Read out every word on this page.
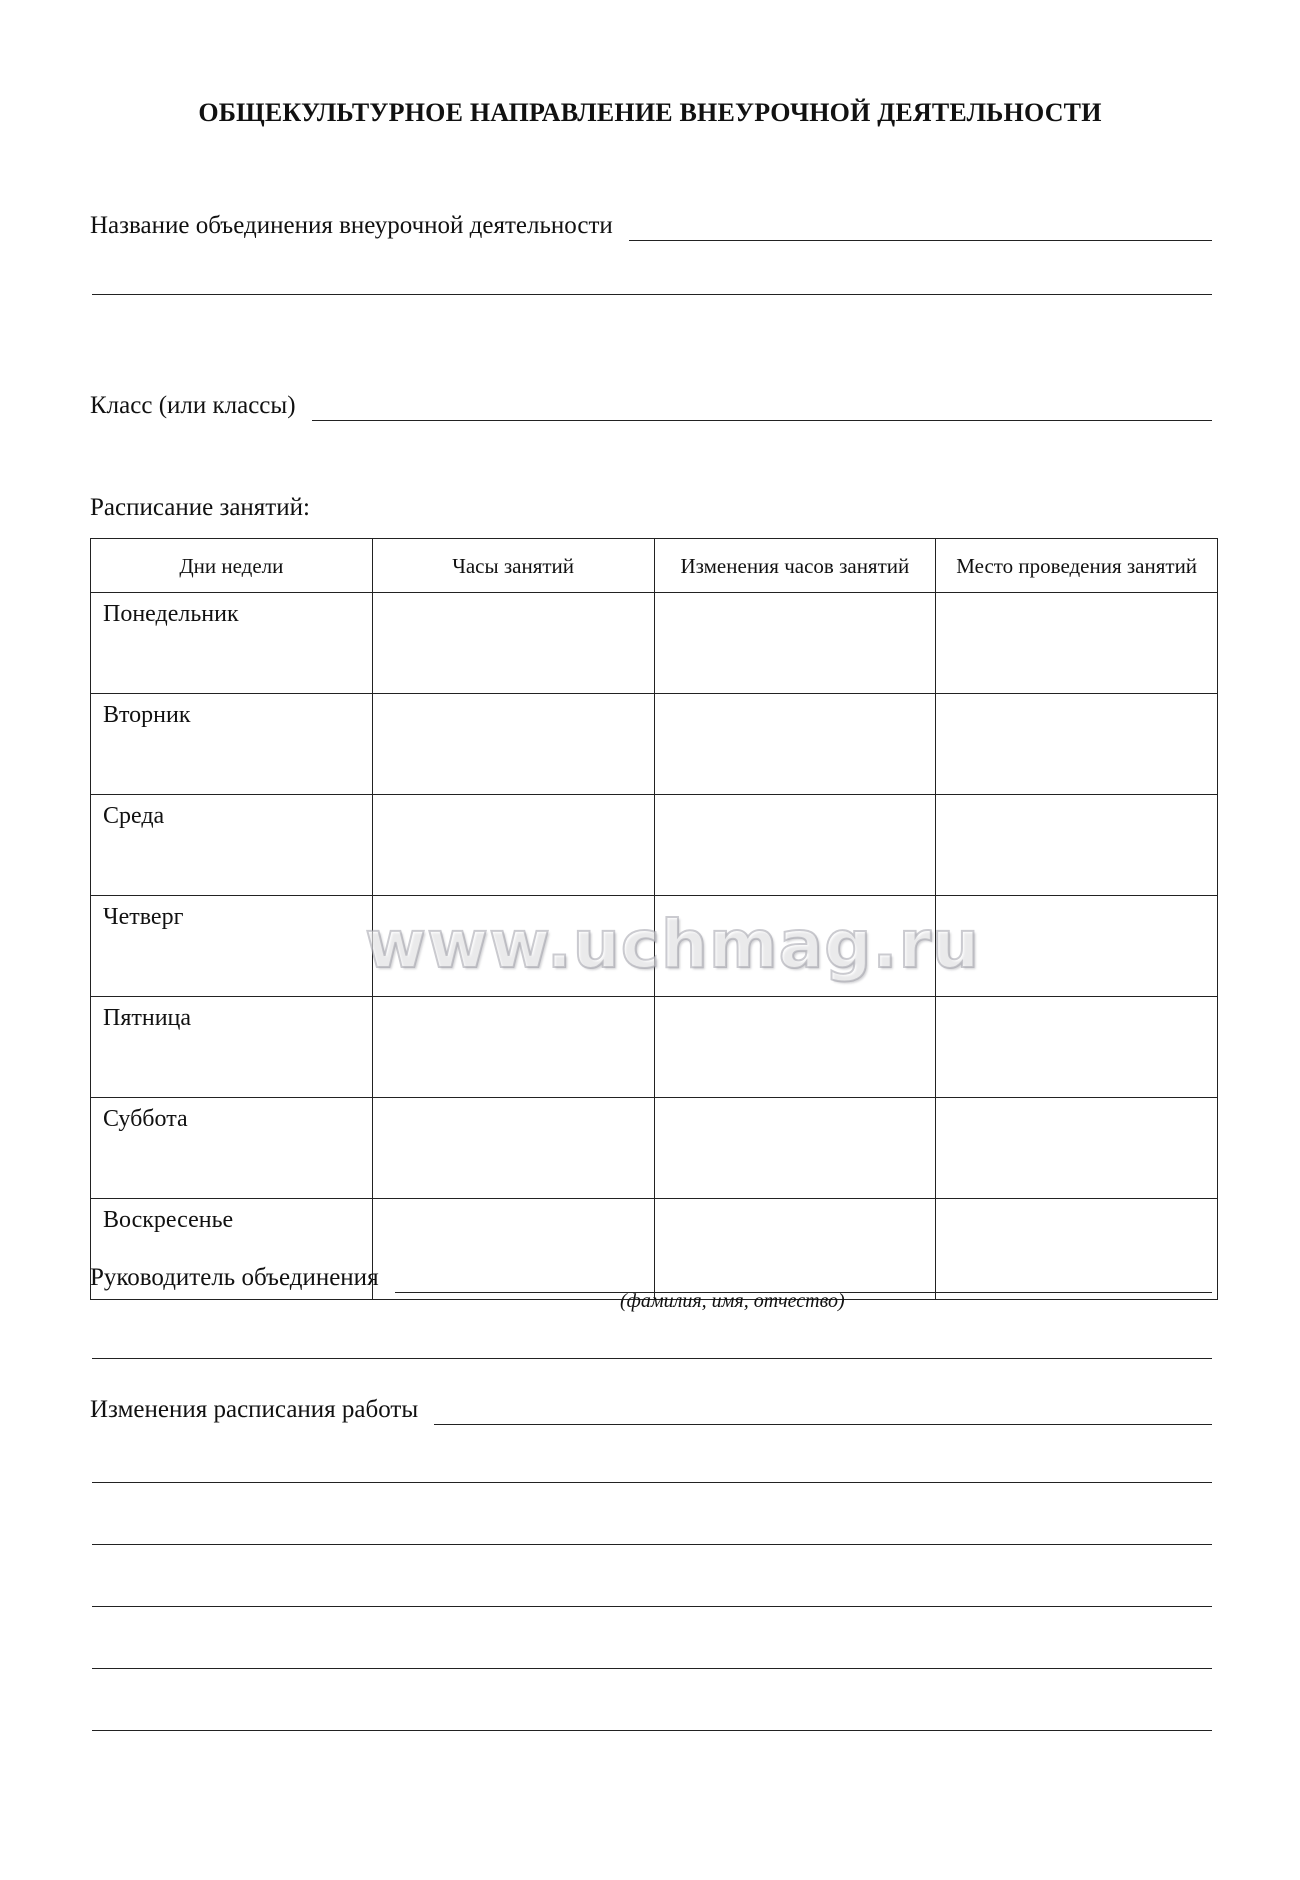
ОБЩЕКУЛЬТУРНОЕ НАПРАВЛЕНИЕ ВНЕУРОЧНОЙ ДЕЯТЕЛЬНОСТИ
Название объединения внеурочной деятельности
Класс (или классы)
Расписание занятий:
Дни недели	Часы занятий	Изменения часов занятий	Место проведения занятий
Понедельник			
Вторник			
Среда			
Четверг			
Пятница			
Суббота			
Воскресенье			
www.uchmag.ru
Руководитель объединения
(фамилия, имя, отчество)
Изменения расписания работы
